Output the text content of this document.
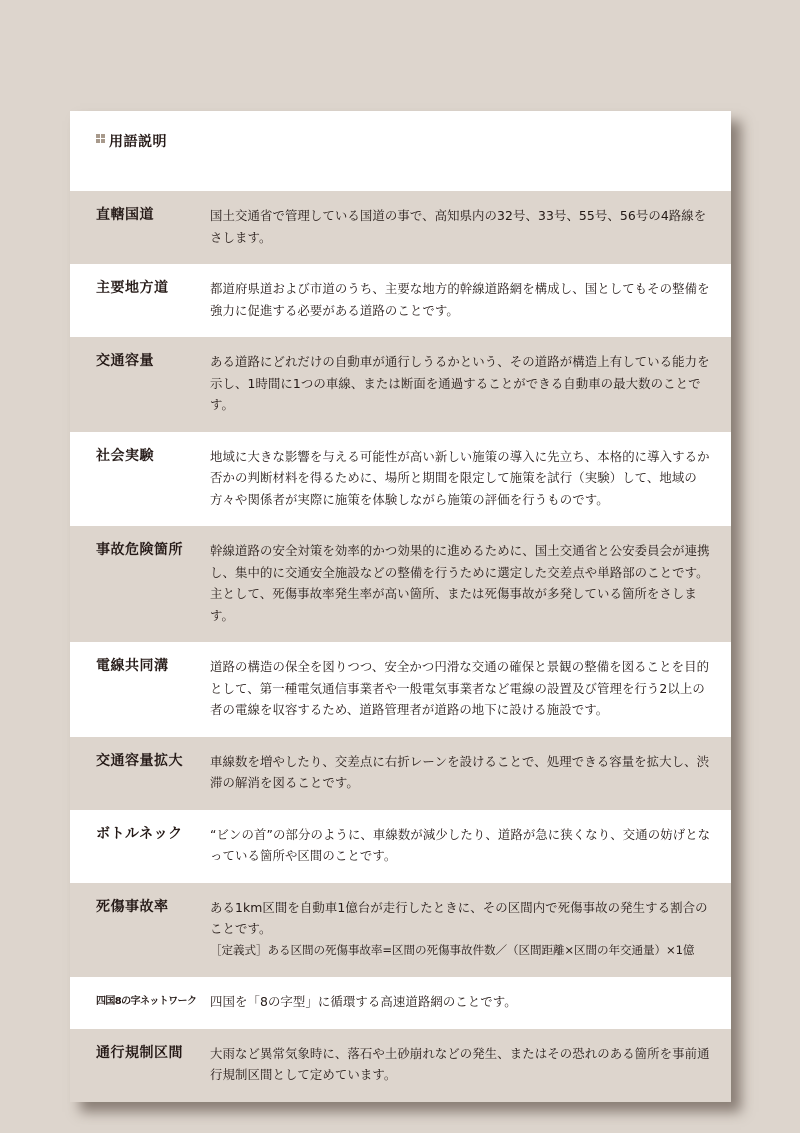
用語説明
直轄国道	国土交通省で管理している国道の事で、高知県内の32号、33号、55号、56号の4路線をさします。
主要地方道	都道府県道および市道のうち、主要な地方的幹線道路網を構成し、国としてもその整備を強力に促進する必要がある道路のことです。
交通容量	ある道路にどれだけの自動車が通行しうるかという、その道路が構造上有している能力を示し、1時間に1つの車線、または断面を通過することができる自動車の最大数のことです。
社会実験	地域に大きな影響を与える可能性が高い新しい施策の導入に先立ち、本格的に導入するか否かの判断材料を得るために、場所と期間を限定して施策を試行（実験）して、地域の方々や関係者が実際に施策を体験しながら施策の評価を行うものです。
事故危険箇所	幹線道路の安全対策を効率的かつ効果的に進めるために、国土交通省と公安委員会が連携し、集中的に交通安全施設などの整備を行うために選定した交差点や単路部のことです。主として、死傷事故率発生率が高い箇所、または死傷事故が多発している箇所をさします。
電線共同溝	道路の構造の保全を図りつつ、安全かつ円滑な交通の確保と景観の整備を図ることを目的として、第一種電気通信事業者や一般電気事業者など電線の設置及び管理を行う2以上の者の電線を収容するため、道路管理者が道路の地下に設ける施設です。
交通容量拡大	車線数を増やしたり、交差点に右折レーンを設けることで、処理できる容量を拡大し、渋滞の解消を図ることです。
ボトルネック	“ビンの首”の部分のように、車線数が減少したり、道路が急に狭くなり、交通の妨げとなっている箇所や区間のことです。
死傷事故率	ある1km区間を自動車1億台が走行したときに、その区間内で死傷事故の発生する割合のことです。
［定義式］ある区間の死傷事故率=区間の死傷事故件数／（区間距離×区間の年交通量）×1億
四国8の字ネットワーク	四国を「8の字型」に循環する高速道路網のことです。
通行規制区間	大雨など異常気象時に、落石や土砂崩れなどの発生、またはその恐れのある箇所を事前通行規制区間として定めています。
